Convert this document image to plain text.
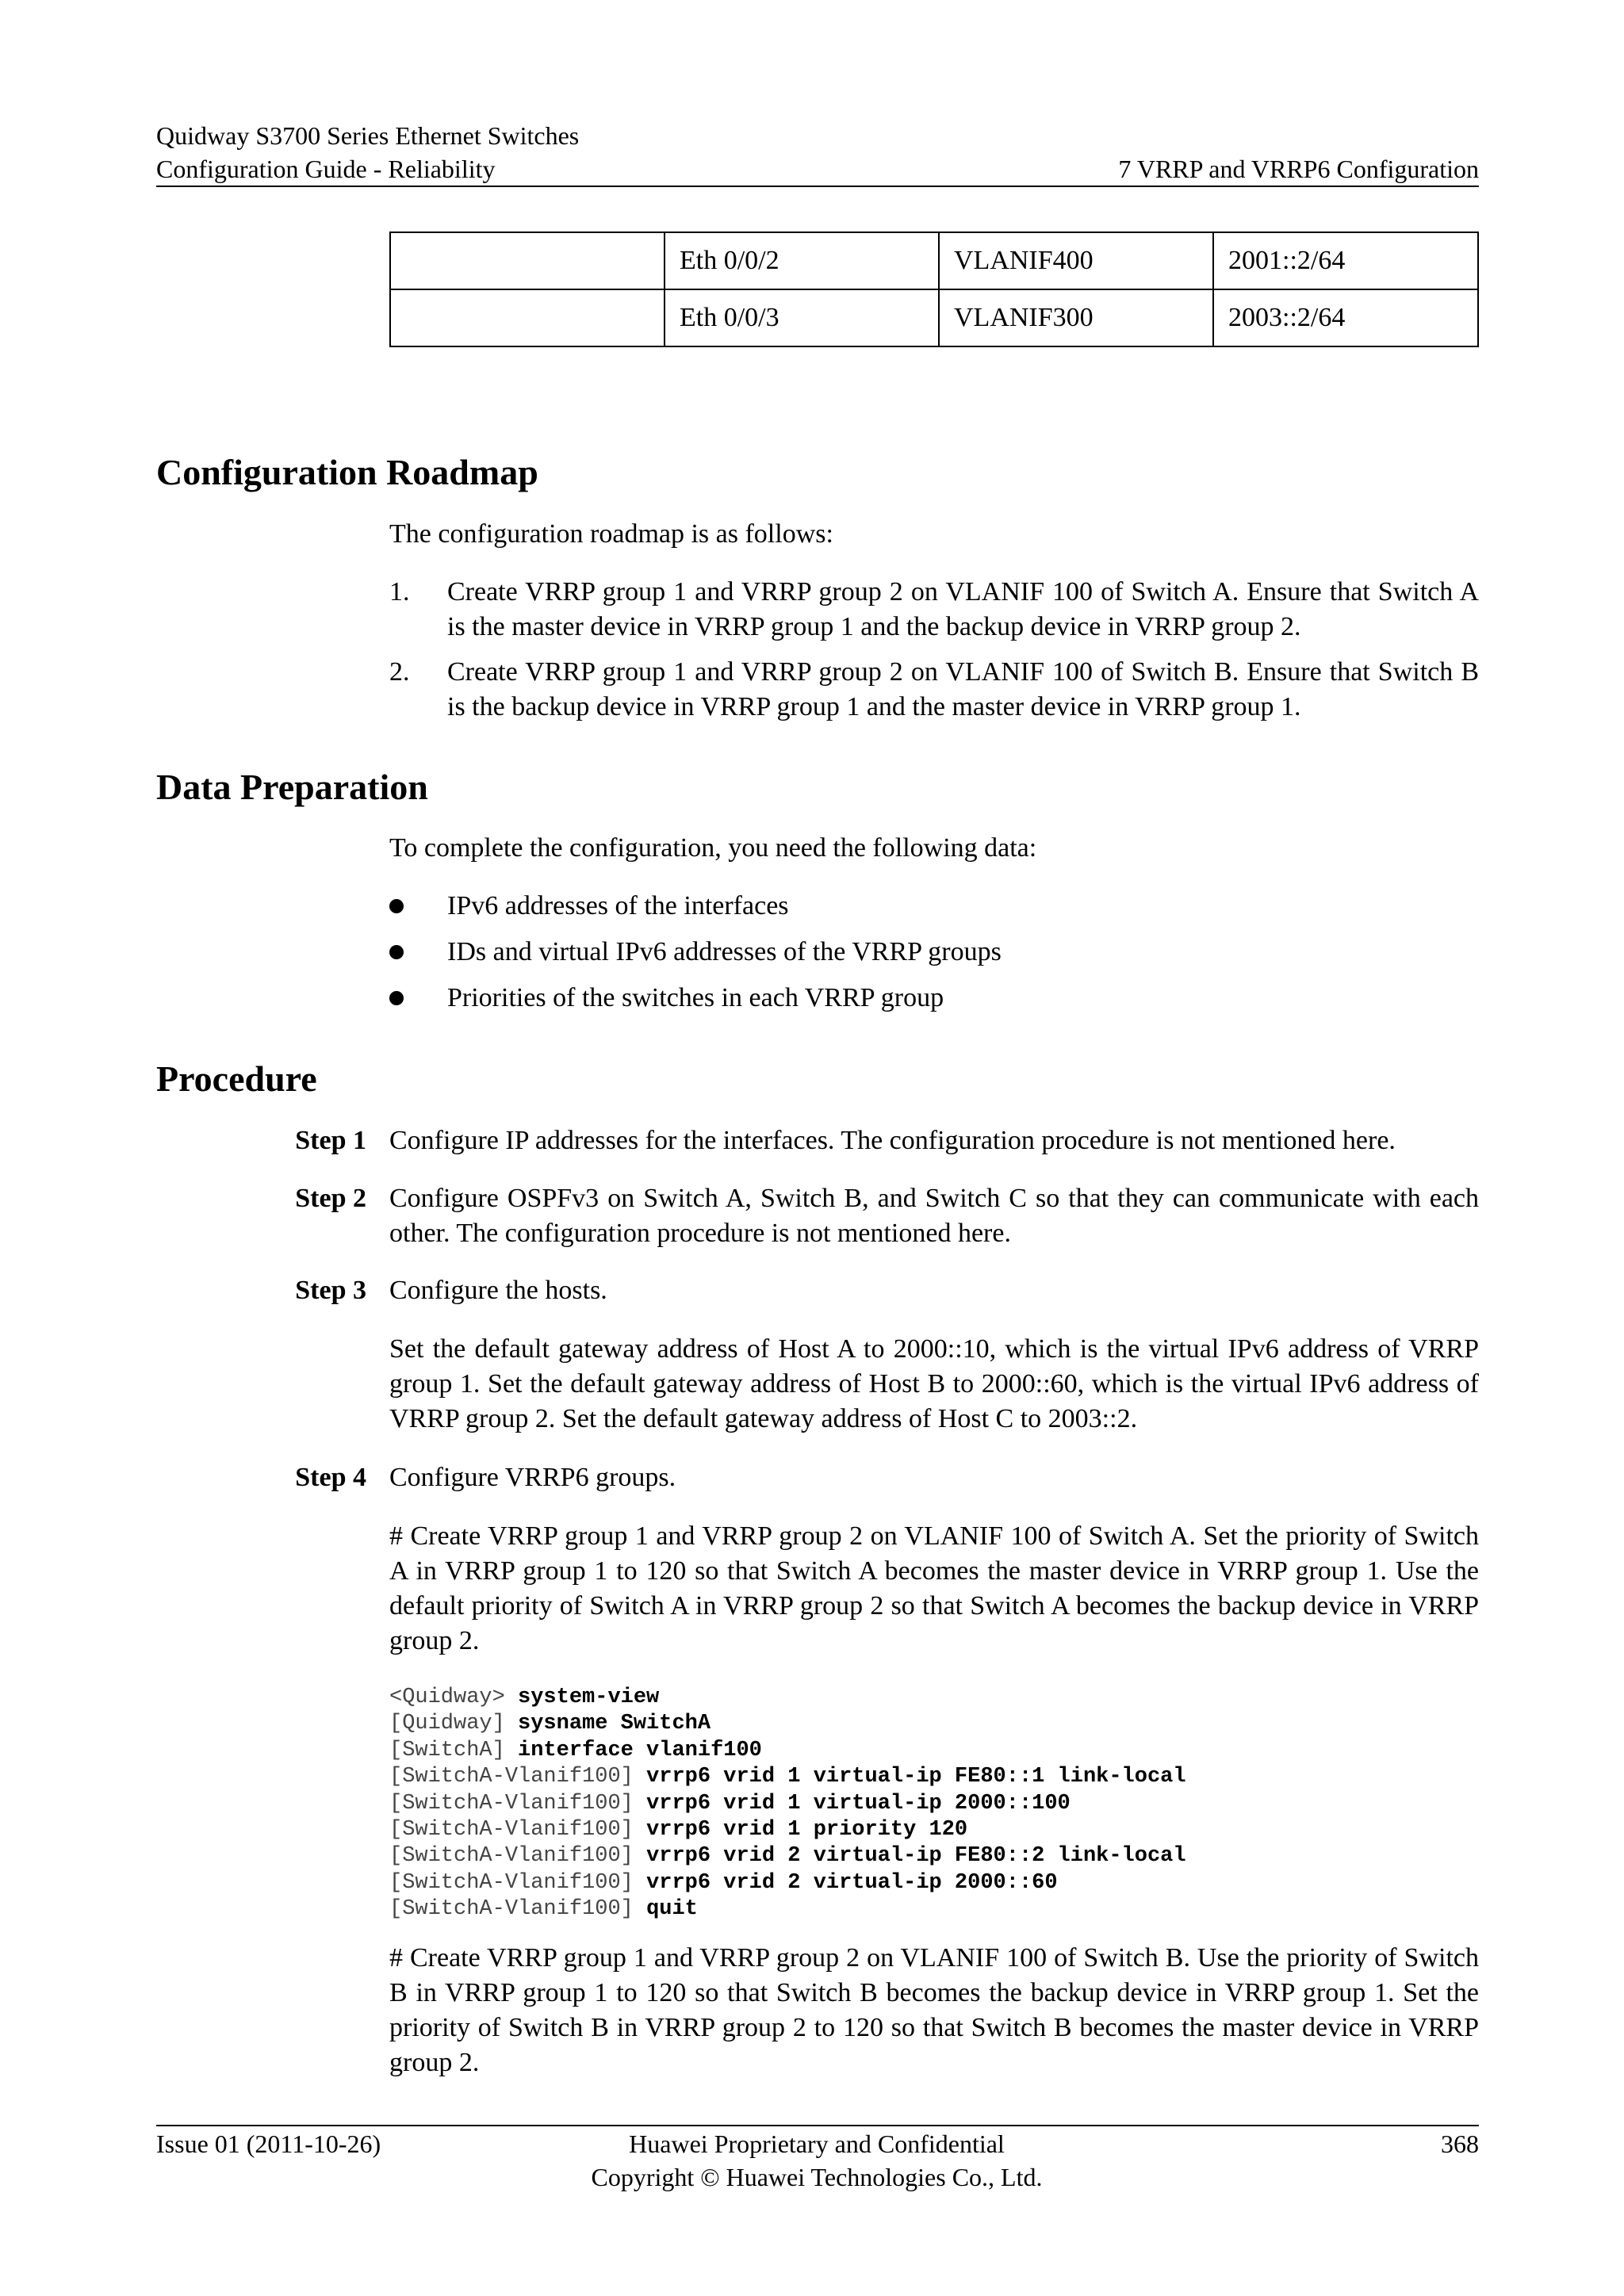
Quidway S3700 Series Ethernet Switches
Configuration Guide - Reliability	7 VRRP and VRRP6 Configuration
	Eth 0/0/2	VLANIF400	2001::2/64
	Eth 0/0/3	VLANIF300	2003::2/64
Configuration Roadmap

The configuration roadmap is as follows:

1. Create VRRP group 1 and VRRP group 2 on VLANIF 100 of Switch A. Ensure that Switch A is the master device in VRRP group 1 and the backup device in VRRP group 2.
2. Create VRRP group 1 and VRRP group 2 on VLANIF 100 of Switch B. Ensure that Switch B is the backup device in VRRP group 1 and the master device in VRRP group 1.
Data Preparation

To complete the configuration, you need the following data:

IPv6 addresses of the interfaces
IDs and virtual IPv6 addresses of the VRRP groups
Priorities of the switches in each VRRP group
Procedure
Step 1 Configure IP addresses for the interfaces. The configuration procedure is not mentioned here.
Step 2 Configure OSPFv3 on Switch A, Switch B, and Switch C so that they can communicate with each other. The configuration procedure is not mentioned here.
Step 3 Configure the hosts.
Set the default gateway address of Host A to 2000::10, which is the virtual IPv6 address of VRRP group 1. Set the default gateway address of Host B to 2000::60, which is the virtual IPv6 address of VRRP group 2. Set the default gateway address of Host C to 2003::2.
Step 4 Configure VRRP6 groups.
# Create VRRP group 1 and VRRP group 2 on VLANIF 100 of Switch A. Set the priority of Switch A in VRRP group 1 to 120 so that Switch A becomes the master device in VRRP group 1. Use the default priority of Switch A in VRRP group 2 so that Switch A becomes the backup device in VRRP group 2.
<Quidway> system-view
[Quidway] sysname SwitchA
[SwitchA] interface vlanif100
[SwitchA-Vlanif100] vrrp6 vrid 1 virtual-ip FE80::1 link-local
[SwitchA-Vlanif100] vrrp6 vrid 1 virtual-ip 2000::100
[SwitchA-Vlanif100] vrrp6 vrid 1 priority 120
[SwitchA-Vlanif100] vrrp6 vrid 2 virtual-ip FE80::2 link-local
[SwitchA-Vlanif100] vrrp6 vrid 2 virtual-ip 2000::60
[SwitchA-Vlanif100] quit
# Create VRRP group 1 and VRRP group 2 on VLANIF 100 of Switch B. Use the priority of Switch B in VRRP group 1 to 120 so that Switch B becomes the backup device in VRRP group 1. Set the priority of Switch B in VRRP group 2 to 120 so that Switch B becomes the master device in VRRP group 2.
Issue 01 (2011-10-26)	Huawei Proprietary and Confidential
Copyright © Huawei Technologies Co., Ltd.
368
